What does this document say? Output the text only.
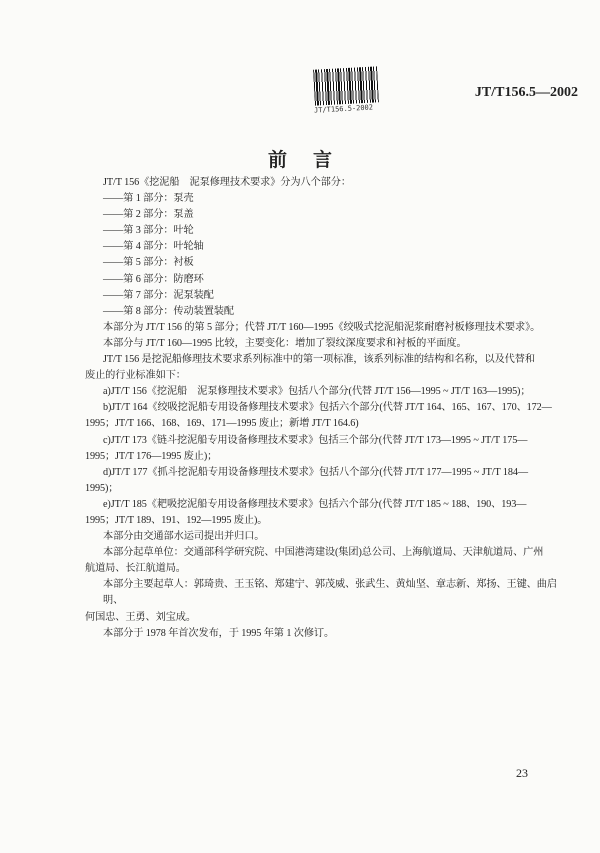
JT/T156.5-2002
JT/T156.5—2002
前言
JT/T 156《挖泥船　泥泵修理技术要求》分为八个部分：
——第 1 部分：泵壳
——第 2 部分：泵盖
——第 3 部分：叶轮
——第 4 部分：叶轮轴
——第 5 部分：衬板
——第 6 部分：防磨环
——第 7 部分：泥泵装配
——第 8 部分：传动装置装配
本部分为 JT/T 156 的第 5 部分；代替 JT/T 160—1995《绞吸式挖泥船泥浆耐磨衬板修理技术要求》。
本部分与 JT/T 160—1995 比较，主要变化：增加了裂纹深度要求和衬板的平面度。
JT/T 156 是挖泥船修理技术要求系列标准中的第一项标准，该系列标准的结构和名称，以及代替和
废止的行业标准如下：
a)JT/T 156《挖泥船　泥泵修理技术要求》包括八个部分(代替 JT/T 156—1995 ~ JT/T 163—1995)；
b)JT/T 164《绞吸挖泥船专用设备修理技术要求》包括六个部分(代替 JT/T 164、165、167、170、172—
1995；JT/T 166、168、169、171—1995 废止；新增 JT/T 164.6)
c)JT/T 173《链斗挖泥船专用设备修理技术要求》包括三个部分(代替 JT/T 173—1995 ~ JT/T 175—
1995；JT/T 176—1995 废止)；
d)JT/T 177《抓斗挖泥船专用设备修理技术要求》包括八个部分(代替 JT/T 177—1995 ~ JT/T 184—
1995)；
e)JT/T 185《耙吸挖泥船专用设备修理技术要求》包括六个部分(代替 JT/T 185 ~ 188、190、193—
1995；JT/T 189、191、192—1995 废止)。
本部分由交通部水运司提出并归口。
本部分起草单位：交通部科学研究院、中国港湾建设(集团)总公司、上海航道局、天津航道局、广州
航道局、长江航道局。
本部分主要起草人：郭琦贵、王玉铭、郑建宁、郭茂威、张武生、黄灿坚、章志新、郑扬、王键、曲启明、
何国忠、王勇、刘宝成。
本部分于 1978 年首次发布，于 1995 年第 1 次修订。
23
